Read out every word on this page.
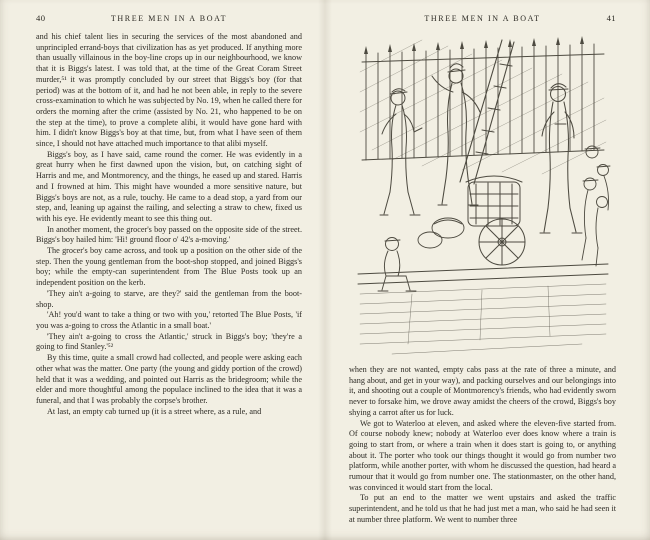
40	THREE MEN IN A BOAT

and his chief talent lies in securing the services of the most abandoned and unprincipled errand-boys that civilization has as yet produced. If anything more than usually villainous in the boy-line crops up in our neighbourhood, we know that it is Biggs's latest. I was told that, at the time of the Great Coram Street murder,⁵¹ it was promptly concluded by our street that Biggs's boy (for that period) was at the bottom of it, and had he not been able, in reply to the severe cross-examination to which he was subjected by No. 19, when he called there for orders the morning after the crime (assisted by No. 21, who happened to be on the step at the time), to prove a complete alibi, it would have gone hard with him. I didn't know Biggs's boy at that time, but, from what I have seen of them since, I should not have attached much importance to that alibi myself.

Biggs's boy, as I have said, came round the corner. He was evidently in a great hurry when he first dawned upon the vision, but, on catching sight of Harris and me, and Montmorency, and the things, he eased up and stared. Harris and I frowned at him. This might have wounded a more sensitive nature, but Biggs's boys are not, as a rule, touchy. He came to a dead stop, a yard from our step, and, leaning up against the railing, and selecting a straw to chew, fixed us with his eye. He evidently meant to see this thing out.

In another moment, the grocer's boy passed on the opposite side of the street. Biggs's boy hailed him: 'Hi! ground floor o' 42's a-moving.'

The grocer's boy came across, and took up a position on the other side of the step. Then the young gentleman from the boot-shop stopped, and joined Biggs's boy; while the empty-can superintendent from The Blue Posts took up an independent position on the kerb.

'They ain't a-going to starve, are they?' said the gentleman from the boot-shop.

'Ah! you'd want to take a thing or two with you,' retorted The Blue Posts, 'if you was a-going to cross the Atlantic in a small boat.'

'They ain't a-going to cross the Atlantic,' struck in Biggs's boy; 'they're a going to find Stanley.'⁵²

By this time, quite a small crowd had collected, and people were asking each other what was the matter. One party (the young and giddy portion of the crowd) held that it was a wedding, and pointed out Harris as the bridegroom; while the elder and more thoughtful among the populace inclined to the idea that it was a funeral, and that I was probably the corpse's brother.

At last, an empty cab turned up (it is a street where, as a rule, and

THREE MEN IN A BOAT	41

when they are not wanted, empty cabs pass at the rate of three a minute, and hang about, and get in your way), and packing ourselves and our belongings into it, and shooting out a couple of Montmorency's friends, who had evidently sworn never to forsake him, we drove away amidst the cheers of the crowd, Biggs's boy shying a carrot after us for luck.

We got to Waterloo at eleven, and asked where the eleven-five started from. Of course nobody knew; nobody at Waterloo ever does know where a train is going to start from, or where a train when it does start is going to, or anything about it. The porter who took our things thought it would go from number two platform, while another porter, with whom he discussed the question, had heard a rumour that it would go from number one. The stationmaster, on the other hand, was convinced it would start from the local.

To put an end to the matter we went upstairs and asked the traffic superintendent, and he told us that he had just met a man, who said he had seen it at number three platform. We went to number three
